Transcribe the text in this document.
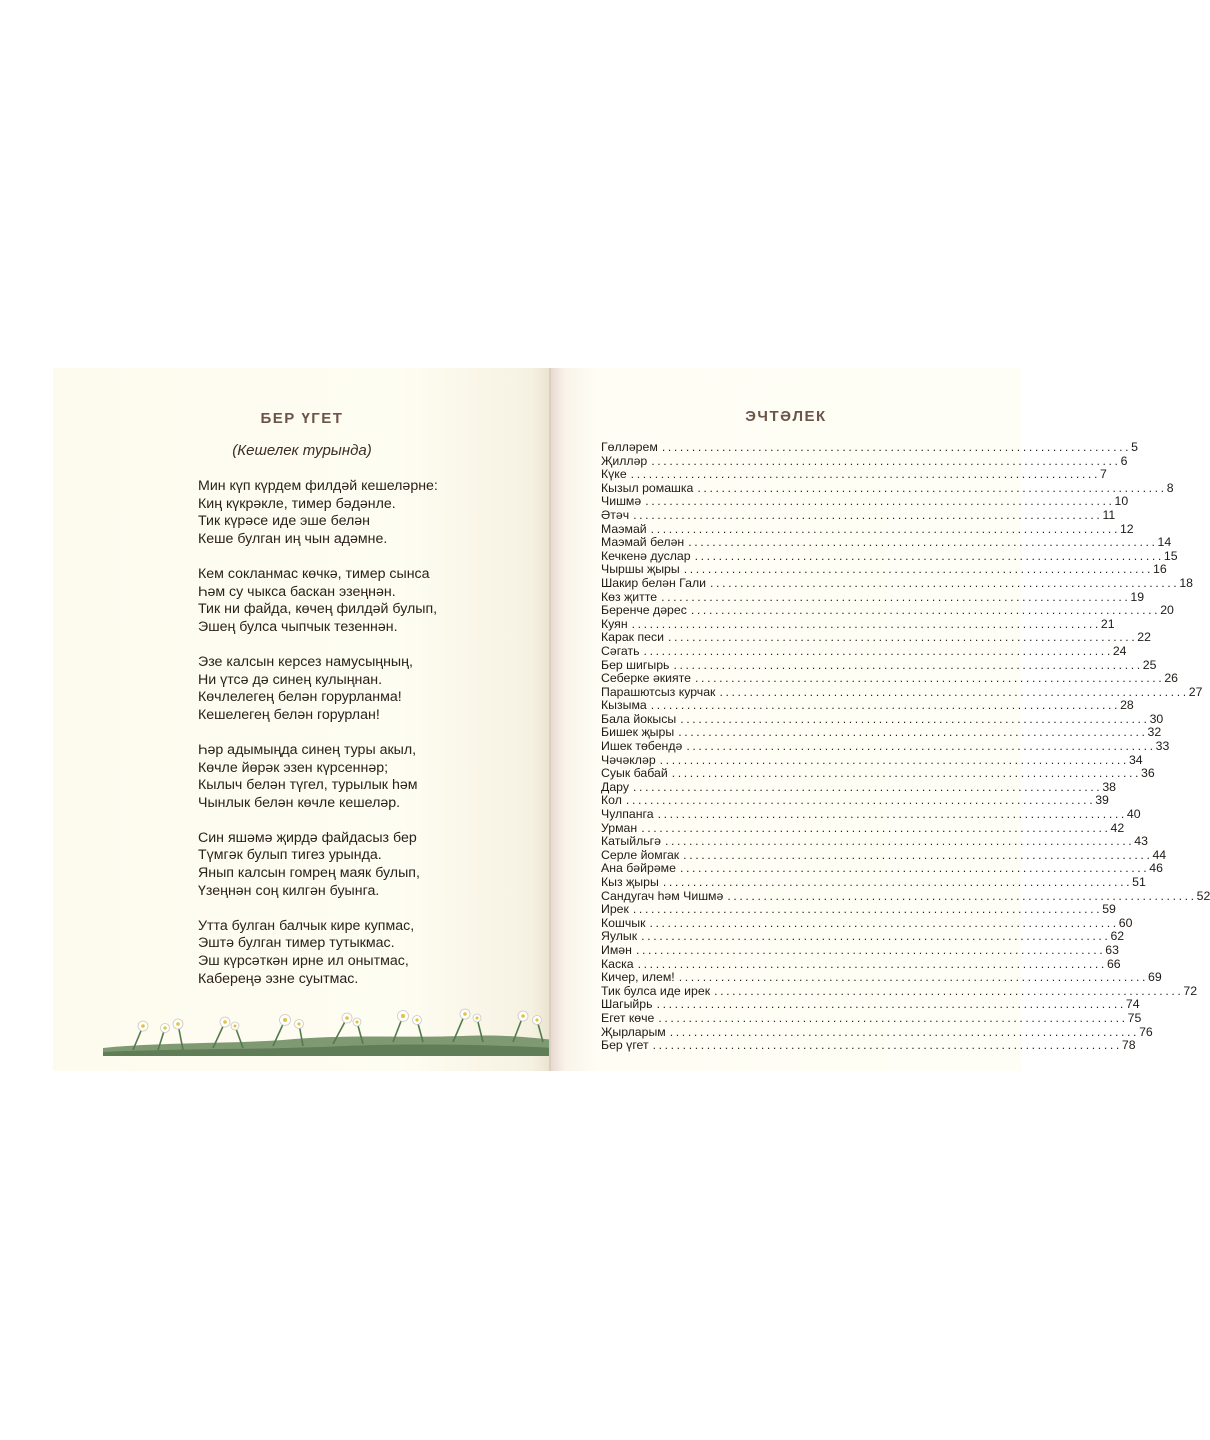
БЕР ҮГЕТ
(Кешелек турында)
Мин күп күрдем филдәй кешеләрне:
Киң күкрәкле, тимер бәдәнле.
Тик күрәсе иде эше белән
Кеше булган иң чын адәмне.
Кем сокланмас көчкә, тимер сынса
Һәм су чыкса баскан эзеңнән.
Тик ни файда, көчең филдәй булып,
Эшең булса чыпчык тезеннән.
Эзе калсын керсез намусыңның,
Ни үтсә дә синең кулыңнан.
Көчлелегең белән горурланма!
Кешелегең белән горурлан!
Һәр адымыңда синең туры акыл,
Көчле йөрәк эзен күрсеннәр;
Кылыч белән түгел, турылык һәм
Чынлык белән көчле кешеләр.
Син яшәмә җирдә файдасыз бер
Түмгәк булып тигез урында.
Янып калсын гомрең маяк булып,
Үзеңнән соң килгән буынга.
Утта булган балчык кире купмас,
Эштә булган тимер тутыкмас.
Эш күрсәткән ирне ил онытмас,
Кабереңә эзне суытмас.
ЭЧТӘЛЕК
Гөлләрем .............................................................................. 5
Җилләр .............................................................................. 6
Күке .............................................................................. 7
Кызыл ромашка .............................................................................. 8
Чишмә .............................................................................. 10
Әтәч .............................................................................. 11
Маэмай .............................................................................. 12
Маэмай белән .............................................................................. 14
Кечкенә дуслар .............................................................................. 15
Чыршы җыры .............................................................................. 16
Шакир белән Гали .............................................................................. 18
Көз җитте .............................................................................. 19
Беренче дәрес .............................................................................. 20
Куян .............................................................................. 21
Карак песи .............................................................................. 22
Сәгать .............................................................................. 24
Бер шигырь .............................................................................. 25
Себерке әкияте .............................................................................. 26
Парашютсыз курчак .............................................................................. 27
Кызыма .............................................................................. 28
Бала йокысы .............................................................................. 30
Бишек җыры .............................................................................. 32
Ишек төбендә .............................................................................. 33
Чәчәкләр .............................................................................. 34
Суык бабай .............................................................................. 36
Дару .............................................................................. 38
Кол .............................................................................. 39
Чулпанга .............................................................................. 40
Урман .............................................................................. 42
Катыйльгә .............................................................................. 43
Серле йомгак .............................................................................. 44
Ана бәйрәме .............................................................................. 46
Кыз җыры .............................................................................. 51
Сандугач һәм Чишмә .............................................................................. 52
Ирек .............................................................................. 59
Кошчык .............................................................................. 60
Яулык .............................................................................. 62
Имән .............................................................................. 63
Каска .............................................................................. 66
Кичер, илем! .............................................................................. 69
Тик булса иде ирек .............................................................................. 72
Шагыйрь .............................................................................. 74
Егет көче .............................................................................. 75
Җырларым .............................................................................. 76
Бер үгет .............................................................................. 78
